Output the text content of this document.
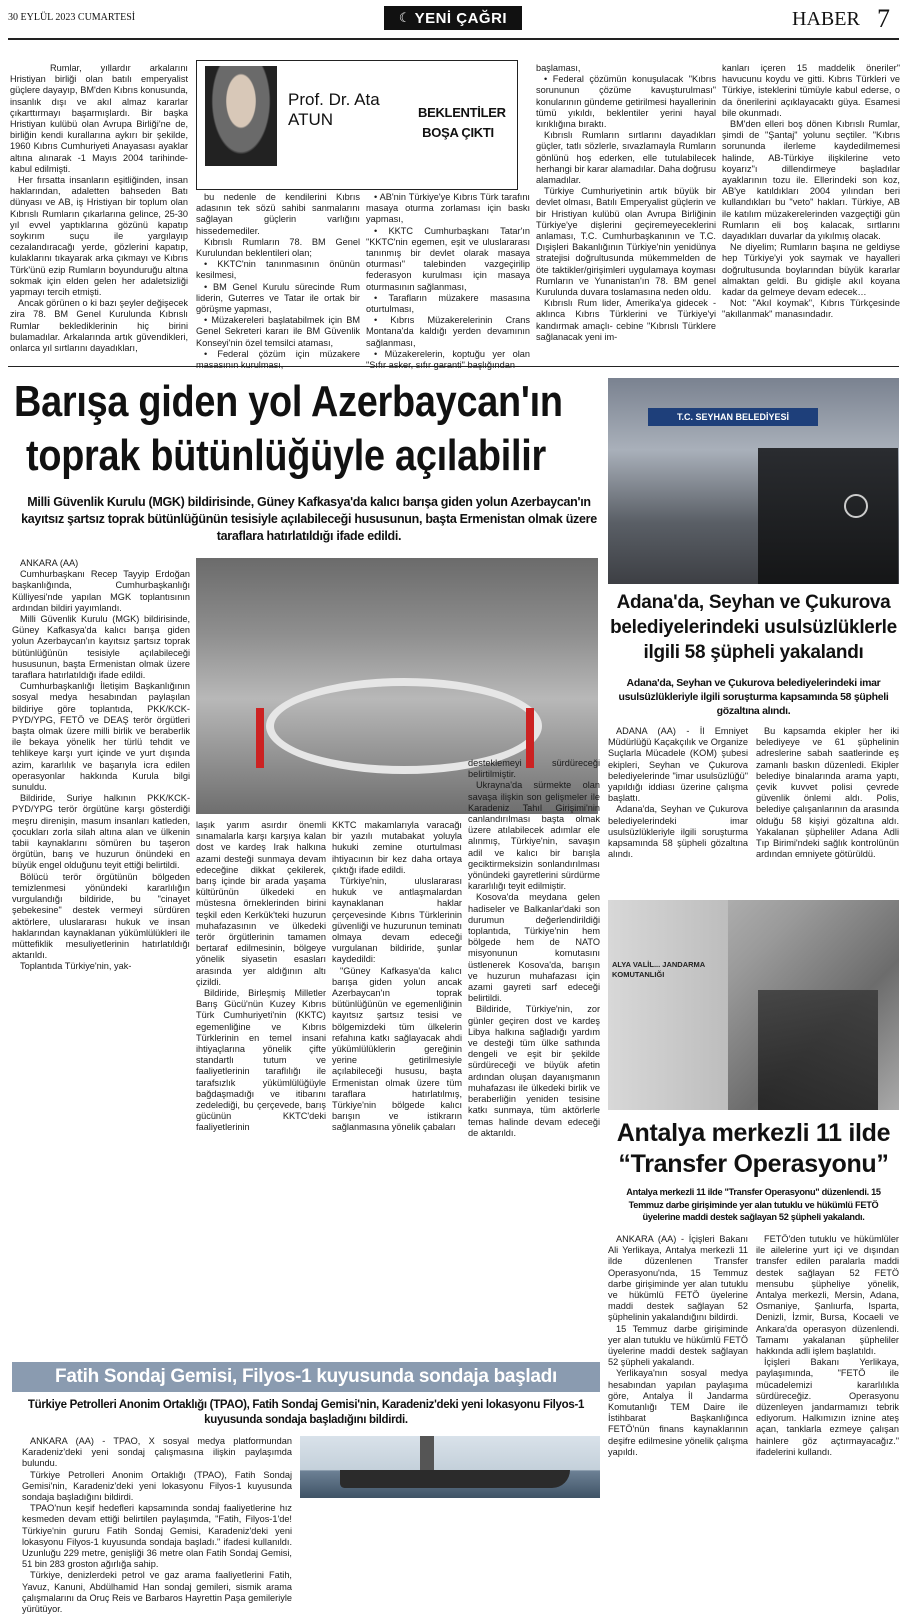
30 EYLÜL 2023 CUMARTESİ	☾ YENİ ÇAĞRI	HABER 7
Prof. Dr. Ata ATUN	BEKLENTİLER BOŞA ÇIKTI

Rumlar, yıllardır arkalarını Hristiyan birliği olan batılı emperyalist güçlere dayayıp, BM'den Kıbrıs konusunda, insanlık dışı ve akıl almaz kararlar çıkarttırmayı başarmışlardı. Bir başka Hristiyan kulübü olan Avrupa Birliği'ne de, birliğin kendi kurallarına aykırı bir şekilde, 1960 Kıbrıs Cumhuriyeti Anayasası ayaklar altına alınarak -1 Mayıs 2004 tarihinde- kabul edilmişti.

Her fırsatta insanların eşitliğinden, insan haklarından, adaletten bahseden Batı dünyası ve AB, iş Hristiyan bir toplum olan Kıbrıslı Rumların çıkarlarına gelince, 25-30 yıl evvel yaptıklarına gözünü kapatıp soykırım suçu ile yargılayıp cezalandıracağı yerde, gözlerini kapatıp, kulaklarını tıkayarak arka çıkmayı ve Kıbrıs Türk'ünü ezip Rumların boyunduruğu altına sokmak için elden gelen her adaletsizliği yapmayı tercih etmişti.

Ancak görünen o ki bazı şeyler değişecek zira 78. BM Genel Kurulunda Kıbrıslı Rumlar beklediklerinin hiç birini bulamadılar. Arkalarında artık güvendikleri, onlarca yıl sırtlarını dayadıkları,

bu nedenle de kendilerini Kıbrıs adasının tek sözü sahibi sanmalarını sağlayan güçlerin varlığını hissedemediler.

Kıbrıslı Rumların 78. BM Genel Kurulundan beklentileri olan;

• KKTC'nin tanınmasının önünün kesilmesi,

• BM Genel Kurulu sürecinde Rum liderin, Guterres ve Tatar ile ortak bir görüşme yapması,

• Müzakereleri başlatabilmek için BM Genel Sekreteri kararı ile BM Güvenlik Konseyi'nin özel temsilci ataması,

• Federal çözüm için müzakere

• AB'nin Türkiye'ye Kıbrıs Türk tarafını masaya oturma zorlaması için baskı yapması,

• KKTC Cumhurbaşkanı Tatar'ın "KKTC'nin egemen, eşit ve uluslararası tanınmış bir devlet olarak masaya oturması" talebinden vazgeçirilip federasyon kurulması için masaya oturmasının sağlanması,

• Tarafların müzakere masasına oturtulması,

• Kıbrıs Müzakerelerinin Crans Montana'da kaldığı yerden devamının sağlanması,

• Müzakerelerin, koptuğu yer olan

başlaması,

• Federal çözümün konuşulacak "Kıbrıs sorununun çözüme kavuşturulması" konularının gündeme getirilmesi hayallerinin tümü yıkıldı, beklentiler yerini hayal kırıklığına bıraktı.

Kıbrıslı Rumların sırtlarını dayadıkları güçler, tatlı sözlerle, sıvazlamayla Rumların gönlünü hoş ederken, elle tutulabilecek herhangi bir karar alamadılar. Daha doğrusu alamadılar.

Türkiye Cumhuriyetinin artık büyük bir devlet olması, Batılı Emperyalist güçlerin ve bir Hristiyan kulübü olan Avrupa Birliğinin Türkiye'ye dişlerini geçiremeyeceklerini anlaması, T.C. Cumhurbaşkanının ve T.C. Dışişleri Bakanlığının Türkiye'nin yenidünya stratejisi doğrultusunda mükemmelden de öte taktikler/girişimleri uygulamaya koyması Rumların ve Yunanistan'ın 78. BM genel Kurulunda duvara toslamasına neden oldu.

Kıbrıslı Rum lider, Amerika'ya gidecek -aklınca Kıbrıs Türklerini ve Türkiye'yi kandırmak amaçlı- cebine "Kıbrıslı Türklere sağlanacak yeni im-

kanları içeren 15 maddelik öneriler" havucunu koydu ve gitti. Kıbrıs Türkleri ve Türkiye, isteklerini tümüyle kabul ederse, o da önerilerini açıklayacaktı güya. Esamesi bile okunmadı.

BM'den elleri boş dönen Kıbrıslı Rumlar, şimdi de "Şantaj" yolunu seçtiler. "Kıbrıs sorununda ilerleme kaydedilmemesi halinde, AB-Türkiye ilişkilerine veto koyarız"ı dillendirmeye başladılar ayaklarının tozu ile. Ellerindeki son koz, AB'ye katıldıkları 2004 yılından beri kullandıkları bu "veto" hakları. Türkiye, AB ile katılım müzakerelerinden vazgeçtiği gün Rumların eli boş kalacak, sırtlarını dayadıkları duvarlar da yıkılmış olacak.

Ne diyelim; Rumların başına ne geldiyse hep Türkiye'yi yok saymak ve hayalleri doğrultusunda boylarından büyük kararlar almaktan geldi. Bu gidişle akıl koyana kadar da gelmeye devam edecek…

Not: "Akıl koymak", Kıbrıs Türkçesinde "akıllanmak" manasındadır.

Barışa giden yol Azerbaycan'ın
toprak bütünlüğüyle açılabilir
Milli Güvenlik Kurulu (MGK) bildirisinde, Güney Kafkasya'da kalıcı barışa giden yolun Azerbaycan'ın kayıtsız şartsız toprak bütünlüğünün tesisiyle açılabileceği hususunun, başta Ermenistan olmak üzere taraflara hatırlatıldığı ifade edildi.

ANKARA (AA)

Cumhurbaşkanı Recep Tayyip Erdoğan başkanlığında, Cumhurbaşkanlığı Külliyesi'nde yapılan MGK toplantısının ardından bildiri yayımlandı.

Milli Güvenlik Kurulu (MGK) bildirisinde, Güney Kafkasya'da kalıcı barışa giden yolun Azerbaycan'ın kayıtsız şartsız toprak bütünlüğünün tesisiyle açılabileceği hususunun, başta Ermenistan olmak üzere taraflara hatırlatıldığı ifade edildi.

Cumhurbaşkanlığı İletişim Başkanlığının sosyal medya hesabından paylaşılan bildiriye göre toplantıda, PKK/KCK-PYD/YPG, FETÖ ve DEAŞ terör örgütleri başta olmak üzere milli birlik ve beraberlik ile bekaya yönelik her türlü tehdit ve tehlikeye karşı yurt içinde ve yurt dışında azim, kararlılık ve başarıyla icra edilen operasyonlar hakkında Kurula bilgi sunuldu.

Bildiride, Suriye halkının PKK/KCK-PYD/YPG terör örgütüne karşı gösterdiği meşru direnişin, masum insanları katleden, çocukları zorla silah altına alan ve ülkenin tabii kaynaklarını sömüren bu taşeron örgütün, barış ve huzurun önündeki en büyük engel olduğunu teyit ettiği belirtildi.

Bölücü terör örgütünün bölgeden temizlenmesi yönündeki kararlılığın vurgulandığı bildiride, bu "cinayet şebekesine" destek vermeyi sürdüren aktörlere, uluslararası hukuk ve insan haklarından kaynaklanan yükümlülükleri ile müttefiklik mesuliyetlerinin hatırlatıldığı aktarıldı.

Toplantıda Türkiye'nin, yak-

laşık yarım asırdır önemli sınamalarla karşı karşıya kalan dost ve kardeş Irak halkına azami desteği sunmaya devam edeceğine dikkat çekilerek, barış içinde bir arada yaşama kültürünün ülkedeki en müstesna örneklerinden birini teşkil eden Kerkük'teki huzurun muhafazasının ve ülkedeki terör örgütlerinin tamamen bertaraf edilmesinin, bölgeye yönelik siyasetin esasları arasında yer aldığının altı çizildi.

Bildiride, Birleşmiş Milletler Barış Gücü'nün Kuzey Kıbrıs Türk Cumhuriyeti'nin (KKTC) egemenliğine ve Kıbrıs Türklerinin en temel insani ihtiyaçlarına yönelik çifte standartlı tutum ve faaliyetlerinin taraflılığı ile tarafsızlık yükümlülüğüyle bağdaşmadığı ve itibarını zedelediği, bu çerçevede, barış gücünün KKTC'deki faaliyetlerinin

KKTC makamlarıyla varacağı bir yazılı mutabakat yoluyla hukuki zemine oturtulması ihtiyacının bir kez daha ortaya çıktığı ifade edildi.

Türkiye'nin, uluslararası hukuk ve antlaşmalardan kaynaklanan haklar çerçevesinde Kıbrıs Türklerinin güvenliği ve huzurunun teminatı olmaya devam edeceği vurgulanan bildiride, şunlar kaydedildi:

"Güney Kafkasya'da kalıcı barışa giden yolun ancak Azerbaycan'ın toprak bütünlüğünün ve egemenliğinin kayıtsız şartsız tesisi ve bölgemizdeki tüm ülkelerin refahına katkı sağlayacak ahdi yükümlülüklerin gereğinin yerine getirilmesiyle açılabileceği hususu, başta Ermenistan olmak üzere tüm taraflara hatırlatılmış, Türkiye'nin bölgede kalıcı barışın ve istikrarın sağlanmasına yönelik çabaları

desteklemeyi sürdüreceği belirtilmiştir.

Ukrayna'da sürmekte olan savaşa ilişkin son gelişmeler ile Karadeniz Tahıl Girişimi'nin canlandırılması başta olmak üzere atılabilecek adımlar ele alınmış, Türkiye'nin, savaşın adil ve kalıcı bir barışla geciktirmeksizin sonlandırılması yönündeki gayretlerini sürdürme kararlılığı teyit edilmiştir.

Kosova'da meydana gelen hadiseler ve Balkanlar'daki son durumun değerlendirildiği toplantıda, Türkiye'nin hem bölgede hem de NATO misyonunun komutasını üstlenerek Kosova'da, barışın ve huzurun muhafazası için azami gayreti sarf edeceği belirtildi.

Bildiride, Türkiye'nin, zor günler geçiren dost ve kardeş Libya halkına sağladığı yardım ve desteği tüm ülke sathında dengeli ve eşit bir şekilde sürdüreceği ve büyük afetin ardından oluşan dayanışmanın muhafazası ile ülkedeki birlik ve beraberliğin yeniden tesisine katkı sunmaya, tüm aktörlerle temas halinde devam edeceği de aktarıldı.

T.C. SEYHAN BELEDİYESİ
Adana'da, Seyhan ve Çukurova
belediyelerindeki usulsüzlüklerle
ilgili 58 şüpheli yakalandı
Adana'da, Seyhan ve Çukurova belediyelerindeki imar usulsüzlükleriyle ilgili soruşturma kapsamında 58 şüpheli gözaltına alındı.

ADANA (AA) - İl Emniyet Müdürlüğü Kaçakçılık ve Organize Suçlarla Mücadele (KOM) şubesi ekipleri, Seyhan ve Çukurova belediyelerinde "imar usulsüzlüğü" yapıldığı iddiası üzerine çalışma başlattı.

Adana'da, Seyhan ve Çukurova belediyelerindeki imar usulsüzlükleriyle ilgili soruşturma kapsamında 58 şüpheli gözaltına alındı.

Bu kapsamda ekipler her iki belediyeye ve 61 şüphelinin adreslerine sabah saatlerinde eş zamanlı baskın düzenledi. Ekipler belediye binalarında arama yaptı, çevik kuvvet polisi çevrede güvenlik önlemi aldı. Polis, belediye çalışanlarının da arasında olduğu 58 kişiyi gözaltına aldı. Yakalanan şüpheliler Adana Adli Tıp Birimi'ndeki sağlık kontrolünün ardından emniyete götürüldü.

ALYA VALİL... JANDARMA KOMUTANLIĞI
Antalya merkezli 11 ilde
“Transfer Operasyonu”
Antalya merkezli 11 ilde "Transfer Operasyonu" düzenlendi. 15 Temmuz darbe girişiminde yer alan tutuklu ve hükümlü FETÖ üyelerine maddi destek sağlayan 52 şüpheli yakalandı.

ANKARA (AA) - İçişleri Bakanı Ali Yerlikaya, Antalya merkezli 11 ilde düzenlenen Transfer Operasyonu'nda, 15 Temmuz darbe girişiminde yer alan tutuklu ve hükümlü FETÖ üyelerine maddi destek sağlayan 52 şüphelinin yakalandığını bildirdi.

15 Temmuz darbe girişiminde yer alan tutuklu ve hükümlü FETÖ üyelerine maddi destek sağlayan 52 şüpheli yakalandı.

Yerlikaya'nın sosyal medya hesabından yapılan paylaşıma göre, Antalya İl Jandarma Komutanlığı TEM Daire ile İstihbarat Başkanlığınca FETÖ'nün finans kaynaklarının deşifre edilmesine yönelik çalışma yapıldı.

FETÖ'den tutuklu ve hükümlüler ile ailelerine yurt içi ve dışından transfer edilen paralarla maddi destek sağlayan 52 FETÖ mensubu şüpheliye yönelik, Antalya merkezli, Mersin, Adana, Osmaniye, Şanlıurfa, Isparta, Denizli, İzmir, Bursa, Kocaeli ve Ankara'da operasyon düzenlendi. Tamamı yakalanan şüpheliler hakkında adli işlem başlatıldı.

İçişleri Bakanı Yerlikaya, paylaşımında, "FETÖ ile mücadelemizi kararlılıkla sürdüreceğiz. Operasyonu düzenleyen jandarmamızı tebrik ediyorum. Halkımızın iznine ateş açan, tanklarla ezmeye çalışan hainlere göz açtırmayacağız." ifadelerini kullandı.

Fatih Sondaj Gemisi, Filyos-1 kuyusunda sondaja başladı
Türkiye Petrolleri Anonim Ortaklığı (TPAO), Fatih Sondaj Gemisi'nin, Karadeniz'deki yeni lokasyonu Filyos-1 kuyusunda sondaja başladığını bildirdi.

ANKARA (AA) - TPAO, X sosyal medya platformundan Karadeniz'deki yeni sondaj çalışmasına ilişkin paylaşımda bulundu.

Türkiye Petrolleri Anonim Ortaklığı (TPAO), Fatih Sondaj Gemisi'nin, Karadeniz'deki yeni lokasyonu Filyos-1 kuyusunda sondaja başladığını bildirdi.

TPAO'nun keşif hedefleri kapsamında sondaj faaliyetlerine hız kesmeden devam ettiği belirtilen paylaşımda, "Fatih, Filyos-1'de! Türkiye'nin gururu Fatih Sondaj Gemisi, Karadeniz'deki yeni lokasyonu Filyos-1 kuyusunda sondaja başladı." ifadesi kullanıldı. Uzunluğu 229 metre, genişliği 36 metre olan Fatih Sondaj Gemisi, 51 bin 283 groston ağırlığa sahip.

Türkiye, denizlerdeki petrol ve gaz arama faaliyetlerini Fatih, Yavuz, Kanuni, Abdülhamid Han sondaj gemileri, sismik arama çalışmalarını da Oruç Reis ve Barbaros Hayrettin Paşa gemileriyle yürütüyor.
